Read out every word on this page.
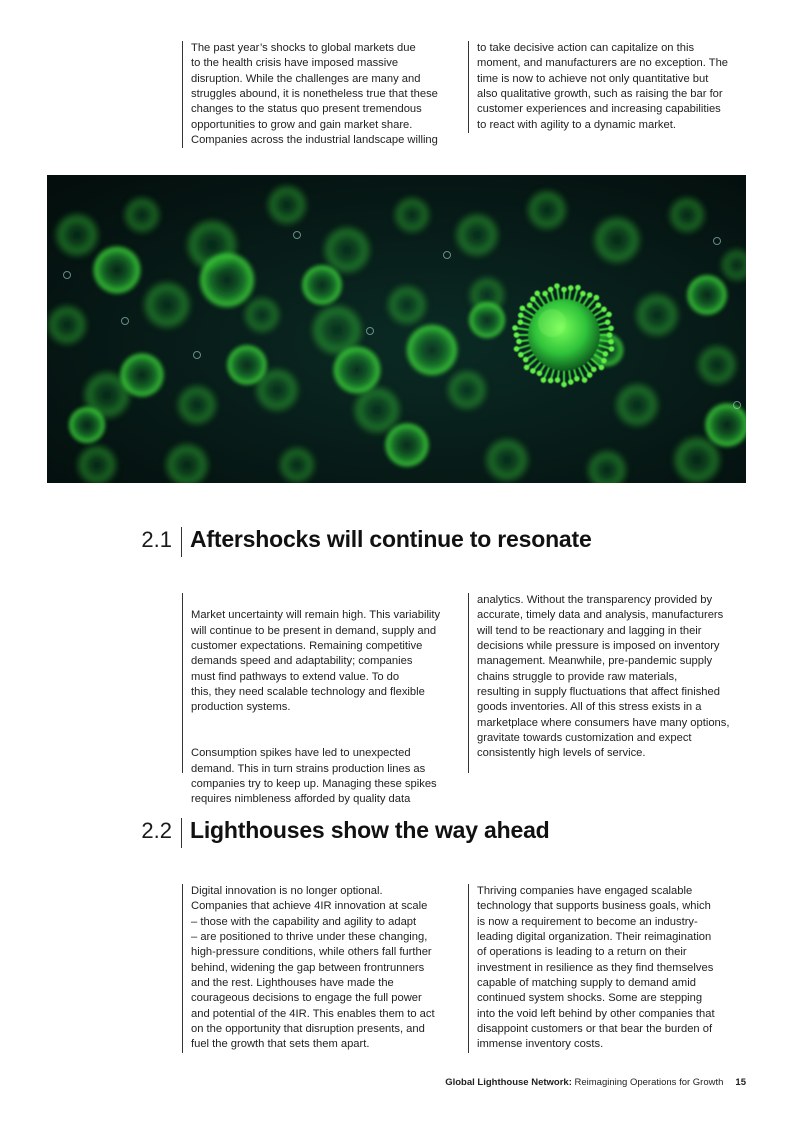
The past year’s shocks to global markets due
to the health crisis have imposed massive
disruption. While the challenges are many and
struggles abound, it is nonetheless true that these
changes to the status quo present tremendous
opportunities to grow and gain market share.
Companies across the industrial landscape willing
to take decisive action can capitalize on this
moment, and manufacturers are no exception. The
time is now to achieve not only quantitative but
also qualitative growth, such as raising the bar for
customer experiences and increasing capabilities
to react with agility to a dynamic market.
2.1 Aftershocks will continue to resonate

Market uncertainty will remain high. This variability
will continue to be present in demand, supply and
customer expectations. Remaining competitive
demands speed and adaptability; companies
must find pathways to extend value. To do
this, they need scalable technology and flexible
production systems.

Consumption spikes have led to unexpected
demand. This in turn strains production lines as
companies try to keep up. Managing these spikes
requires nimbleness afforded by quality data

analytics. Without the transparency provided by
accurate, timely data and analysis, manufacturers
will tend to be reactionary and lagging in their
decisions while pressure is imposed on inventory
management. Meanwhile, pre-pandemic supply
chains struggle to provide raw materials,
resulting in supply fluctuations that affect finished
goods inventories. All of this stress exists in a
marketplace where consumers have many options,
gravitate towards customization and expect
consistently high levels of service.
2.2 Lighthouses show the way ahead
Digital innovation is no longer optional.
Companies that achieve 4IR innovation at scale
– those with the capability and agility to adapt
– are positioned to thrive under these changing,
high-pressure conditions, while others fall further
behind, widening the gap between frontrunners
and the rest. Lighthouses have made the
courageous decisions to engage the full power
and potential of the 4IR. This enables them to act
on the opportunity that disruption presents, and
fuel the growth that sets them apart.
Thriving companies have engaged scalable
technology that supports business goals, which
is now a requirement to become an industry-
leading digital organization. Their reimagination
of operations is leading to a return on their
investment in resilience as they find themselves
capable of matching supply to demand amid
continued system shocks. Some are stepping
into the void left behind by other companies that
disappoint customers or that bear the burden of
immense inventory costs.
Global Lighthouse Network: Reimagining Operations for Growth 15
